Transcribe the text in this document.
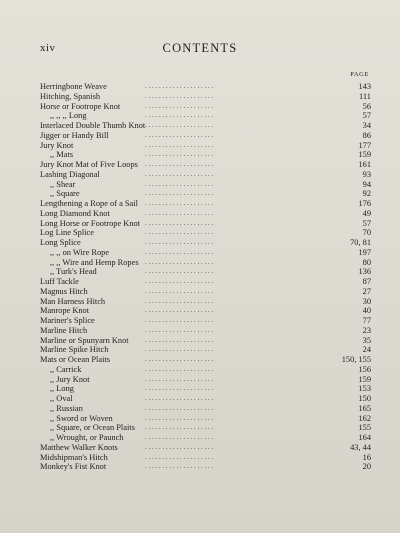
xiv	CONTENTS
PAGE
Herringbone Weave	. . . . . . . . . . . . . . . . . . . .	143
Hitching, Spanish	. . . . . . . . . . . . . . . . . . . .	111
Horse or Footrope Knot	. . . . . . . . . . . . . . . . . . . .	56
,, ,, ,, Long	. . . . . . . . . . . . . . . . . . . .	57
Interlaced Double Thumb Knot . . . . . . . . . . . . . . . . . . . .	34
Jigger or Handy Bill	. . . . . . . . . . . . . . . . . . . .	86
Jury Knot	. . . . . . . . . . . . . . . . . . . .	177
,, Mats	. . . . . . . . . . . . . . . . . . . .	159
Jury Knot Mat of Five Loops . . . . . . . . . . . . . . . . . . . .	161
Lashing Diagonal	. . . . . . . . . . . . . . . . . . . .	93
,, Shear	. . . . . . . . . . . . . . . . . . . .	94
,, Square	. . . . . . . . . . . . . . . . . . . .	92
Lengthening a Rope of a Sail . . . . . . . . . . . . . . . . . . . .	176
Long Diamond Knot	. . . . . . . . . . . . . . . . . . . .	49
Long Horse or Footrope Knot . . . . . . . . . . . . . . . . . . . .	57
Log Line Splice	. . . . . . . . . . . . . . . . . . . .	70
Long Splice	. . . . . . . . . . . . . . . . . . . .	70, 81
,, ,, on Wire Rope	. . . . . . . . . . . . . . . . . . . .	197
,, ,, Wire and Hemp Ropes . . . . . . . . . . . . . . . . . . . .	80
,, Turk's Head	. . . . . . . . . . . . . . . . . . . .	136
Luff Tackle	. . . . . . . . . . . . . . . . . . . .	87
Magnus Hitch	. . . . . . . . . . . . . . . . . . . .	27
Man Harness Hitch	. . . . . . . . . . . . . . . . . . . .	30
Manrope Knot	. . . . . . . . . . . . . . . . . . . .	40
Mariner's Splice	. . . . . . . . . . . . . . . . . . . .	77
Marline Hitch	. . . . . . . . . . . . . . . . . . . .	23
Marline or Spunyarn Knot . . . . . . . . . . . . . . . . . . . .	35
Marline Spike Hitch	. . . . . . . . . . . . . . . . . . . .	24
Mats or Ocean Plaits	. . . . . . . . . . . . . . . . . . . .	150, 155
,, Carrick	. . . . . . . . . . . . . . . . . . . .	156
,, Jury Knot	. . . . . . . . . . . . . . . . . . . .	159
,, Long	. . . . . . . . . . . . . . . . . . . .	153
,, Oval	. . . . . . . . . . . . . . . . . . . .	150
,, Russian	. . . . . . . . . . . . . . . . . . . .	165
,, Sword or Woven	. . . . . . . . . . . . . . . . . . . .	162
,, Square, or Ocean Plaits . . . . . . . . . . . . . . . . . . . .	155
,, Wrought, or Paunch	. . . . . . . . . . . . . . . . . . . .	164
Matthew Walker Knots	. . . . . . . . . . . . . . . . . . . .	43, 44
Midshipman's Hitch	. . . . . . . . . . . . . . . . . . . .	16
Monkey's Fist Knot	. . . . . . . . . . . . . . . . . . . .	20
